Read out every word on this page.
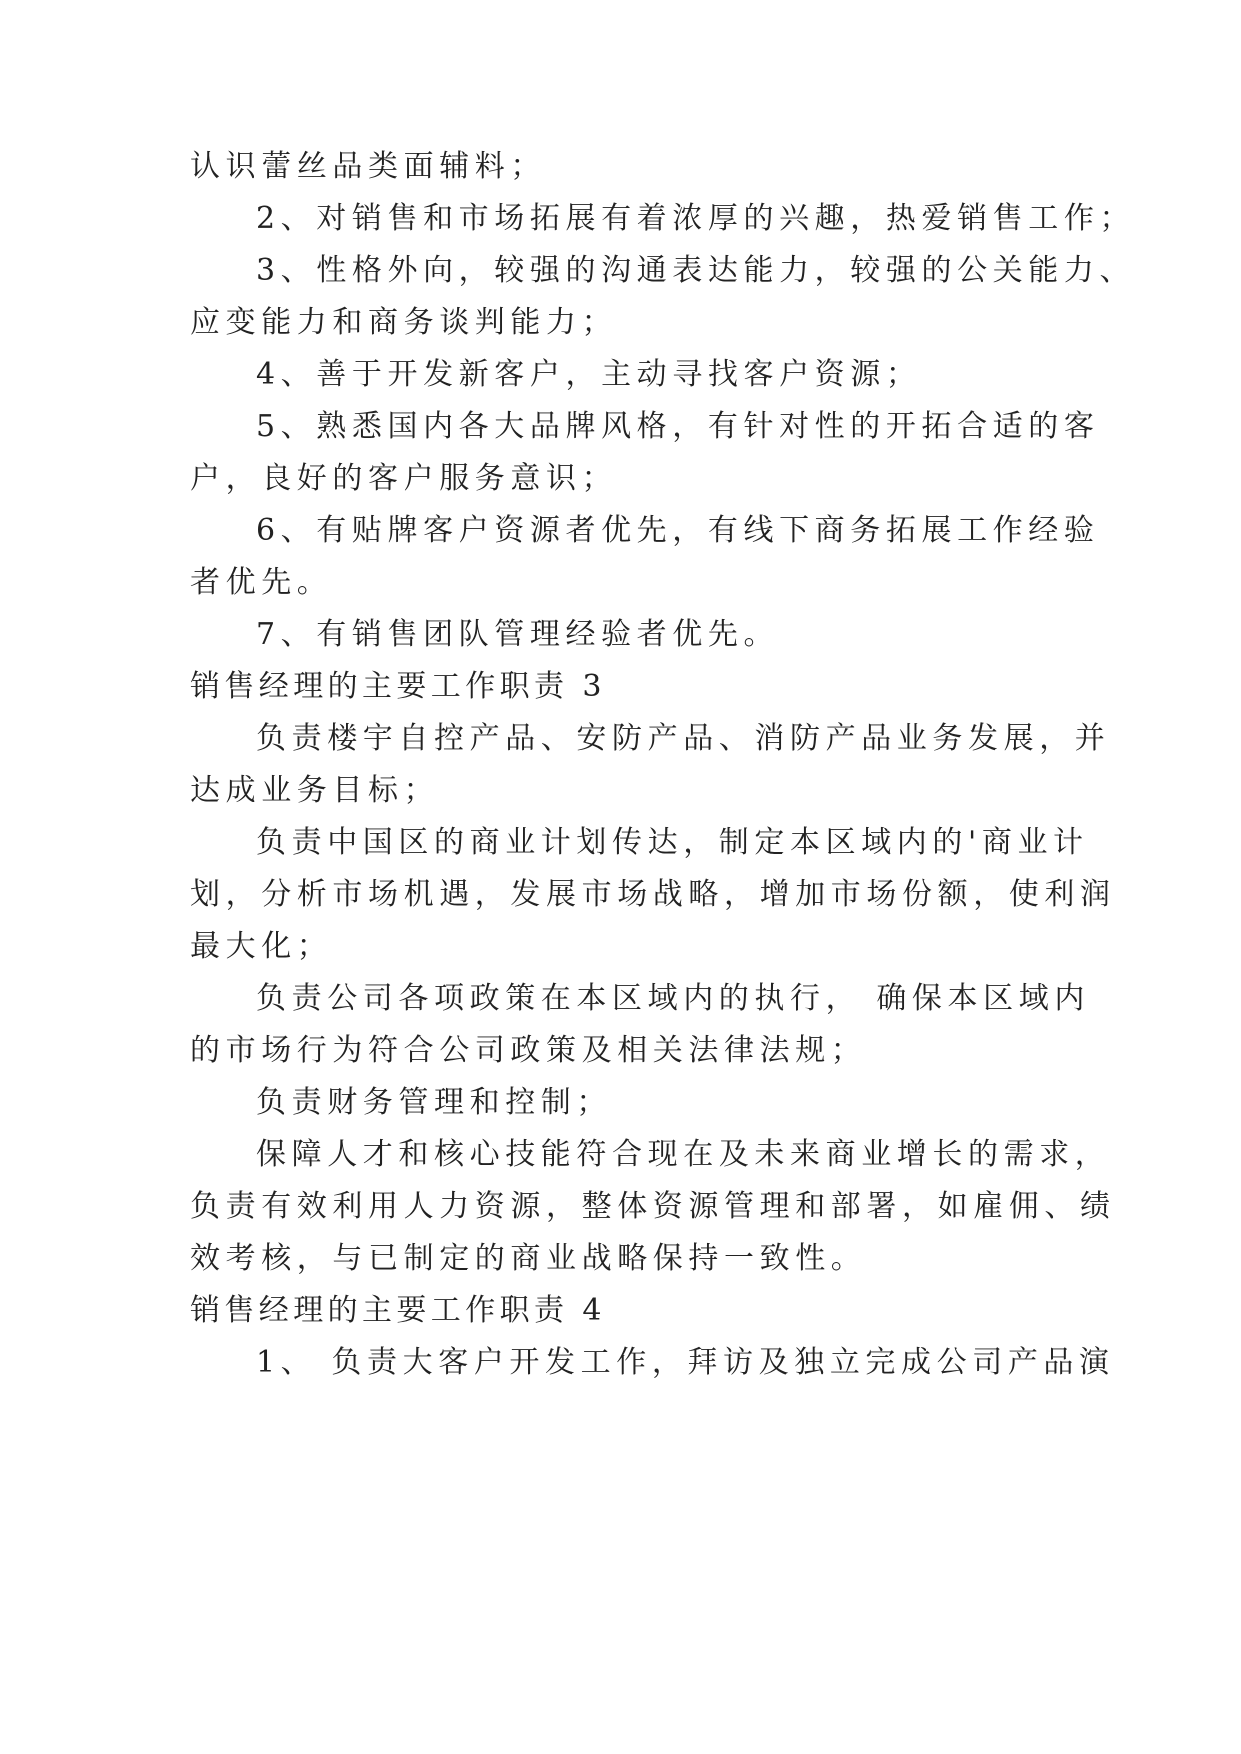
认识蕾丝品类面辅料；
2、对销售和市场拓展有着浓厚的兴趣，热爱销售工作；
3、性格外向，较强的沟通表达能力，较强的公关能力、
应变能力和商务谈判能力；
4、善于开发新客户，主动寻找客户资源；
5、熟悉国内各大品牌风格，有针对性的开拓合适的客
户，良好的客户服务意识；
6、有贴牌客户资源者优先，有线下商务拓展工作经验
者优先。
7、有销售团队管理经验者优先。
销售经理的主要工作职责 3
负责楼宇自控产品、安防产品、消防产品业务发展，并
达成业务目标；
负责中国区的商业计划传达，制定本区域内的'商业计
划，分析市场机遇，发展市场战略，增加市场份额，使利润
最大化；
负责公司各项政策在本区域内的执行， 确保本区域内
的市场行为符合公司政策及相关法律法规；
负责财务管理和控制；
保障人才和核心技能符合现在及未来商业增长的需求，
负责有效利用人力资源，整体资源管理和部署，如雇佣、绩
效考核，与已制定的商业战略保持一致性。
销售经理的主要工作职责 4
1、 负责大客户开发工作，拜访及独立完成公司产品演
